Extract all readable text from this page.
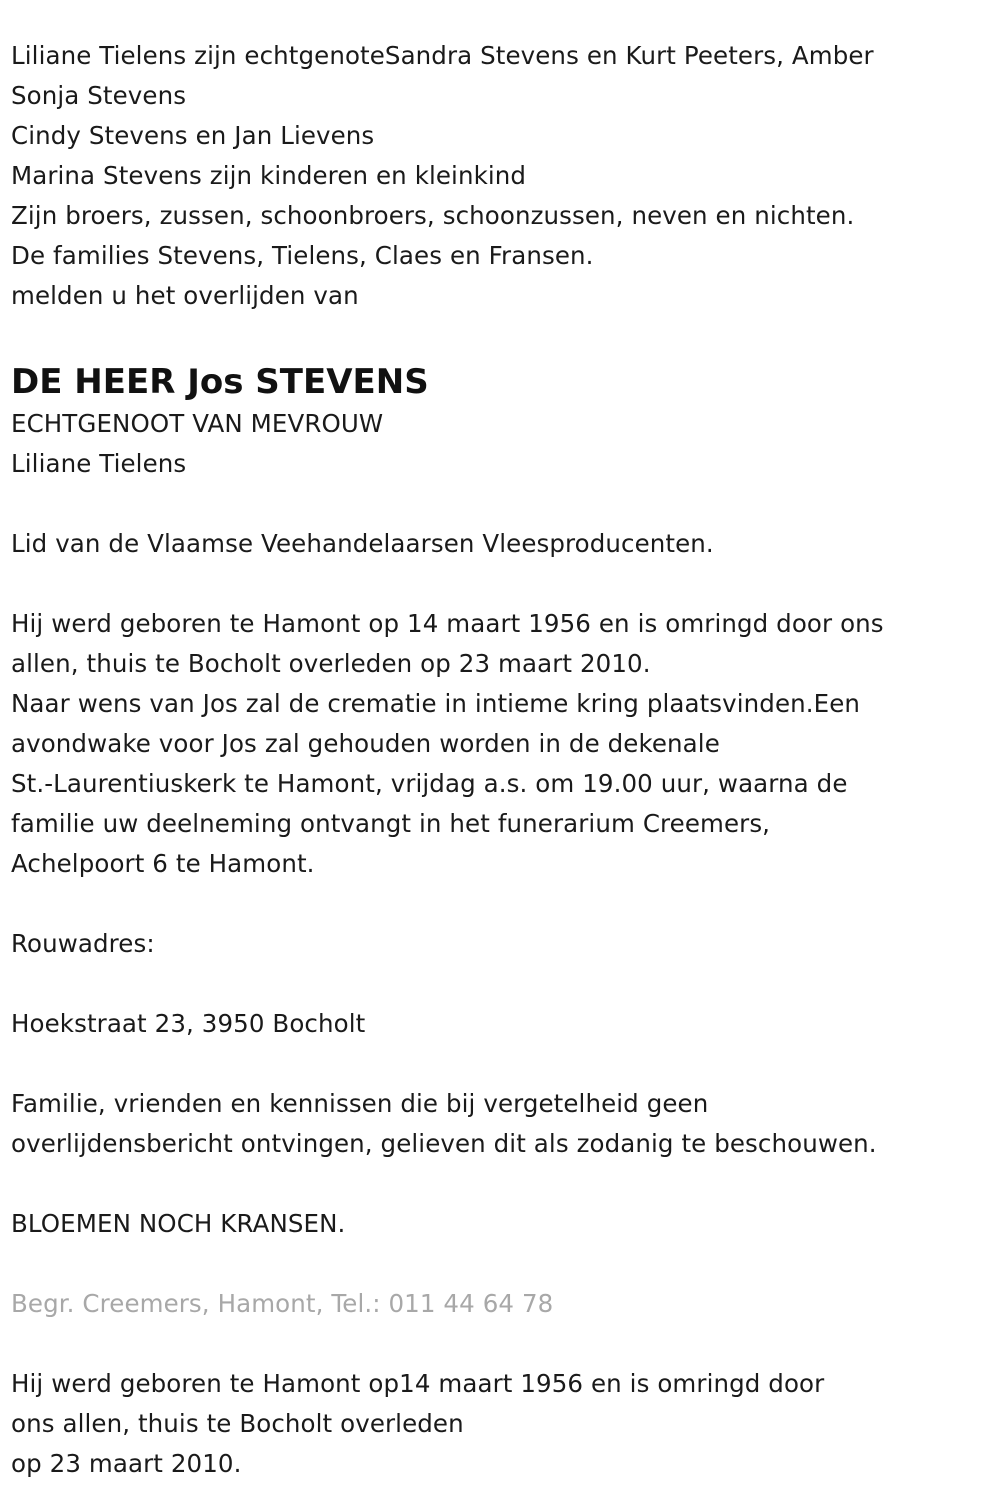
Liliane Tielens zijn echtgenoteSandra Stevens en Kurt Peeters, Amber
Sonja Stevens
Cindy Stevens en Jan Lievens
Marina Stevens zijn kinderen en kleinkind
Zijn broers, zussen, schoonbroers, schoonzussen, neven en nichten.
De families Stevens, Tielens, Claes en Fransen.
melden u het overlijden van
DE HEER Jos STEVENS
ECHTGENOOT VAN MEVROUW
Liliane Tielens
Lid van de Vlaamse Veehandelaarsen Vleesproducenten.
Hij werd geboren te Hamont op 14 maart 1956 en is omringd door ons
allen, thuis te Bocholt overleden op 23 maart 2010.
Naar wens van Jos zal de crematie in intieme kring plaatsvinden.Een
avondwake voor Jos zal gehouden worden in de dekenale
St.-Laurentiuskerk te Hamont, vrijdag a.s. om 19.00 uur, waarna de
familie uw deelneming ontvangt in het funerarium Creemers,
Achelpoort 6 te Hamont.
Rouwadres:
Hoekstraat 23, 3950 Bocholt
Familie, vrienden en kennissen die bij vergetelheid geen
overlijdensbericht ontvingen, gelieven dit als zodanig te beschouwen.
BLOEMEN NOCH KRANSEN.
Begr. Creemers, Hamont, Tel.: 011 44 64 78
Hij werd geboren te Hamont op14 maart 1956 en is omringd door
ons allen, thuis te Bocholt overleden
op 23 maart 2010.
